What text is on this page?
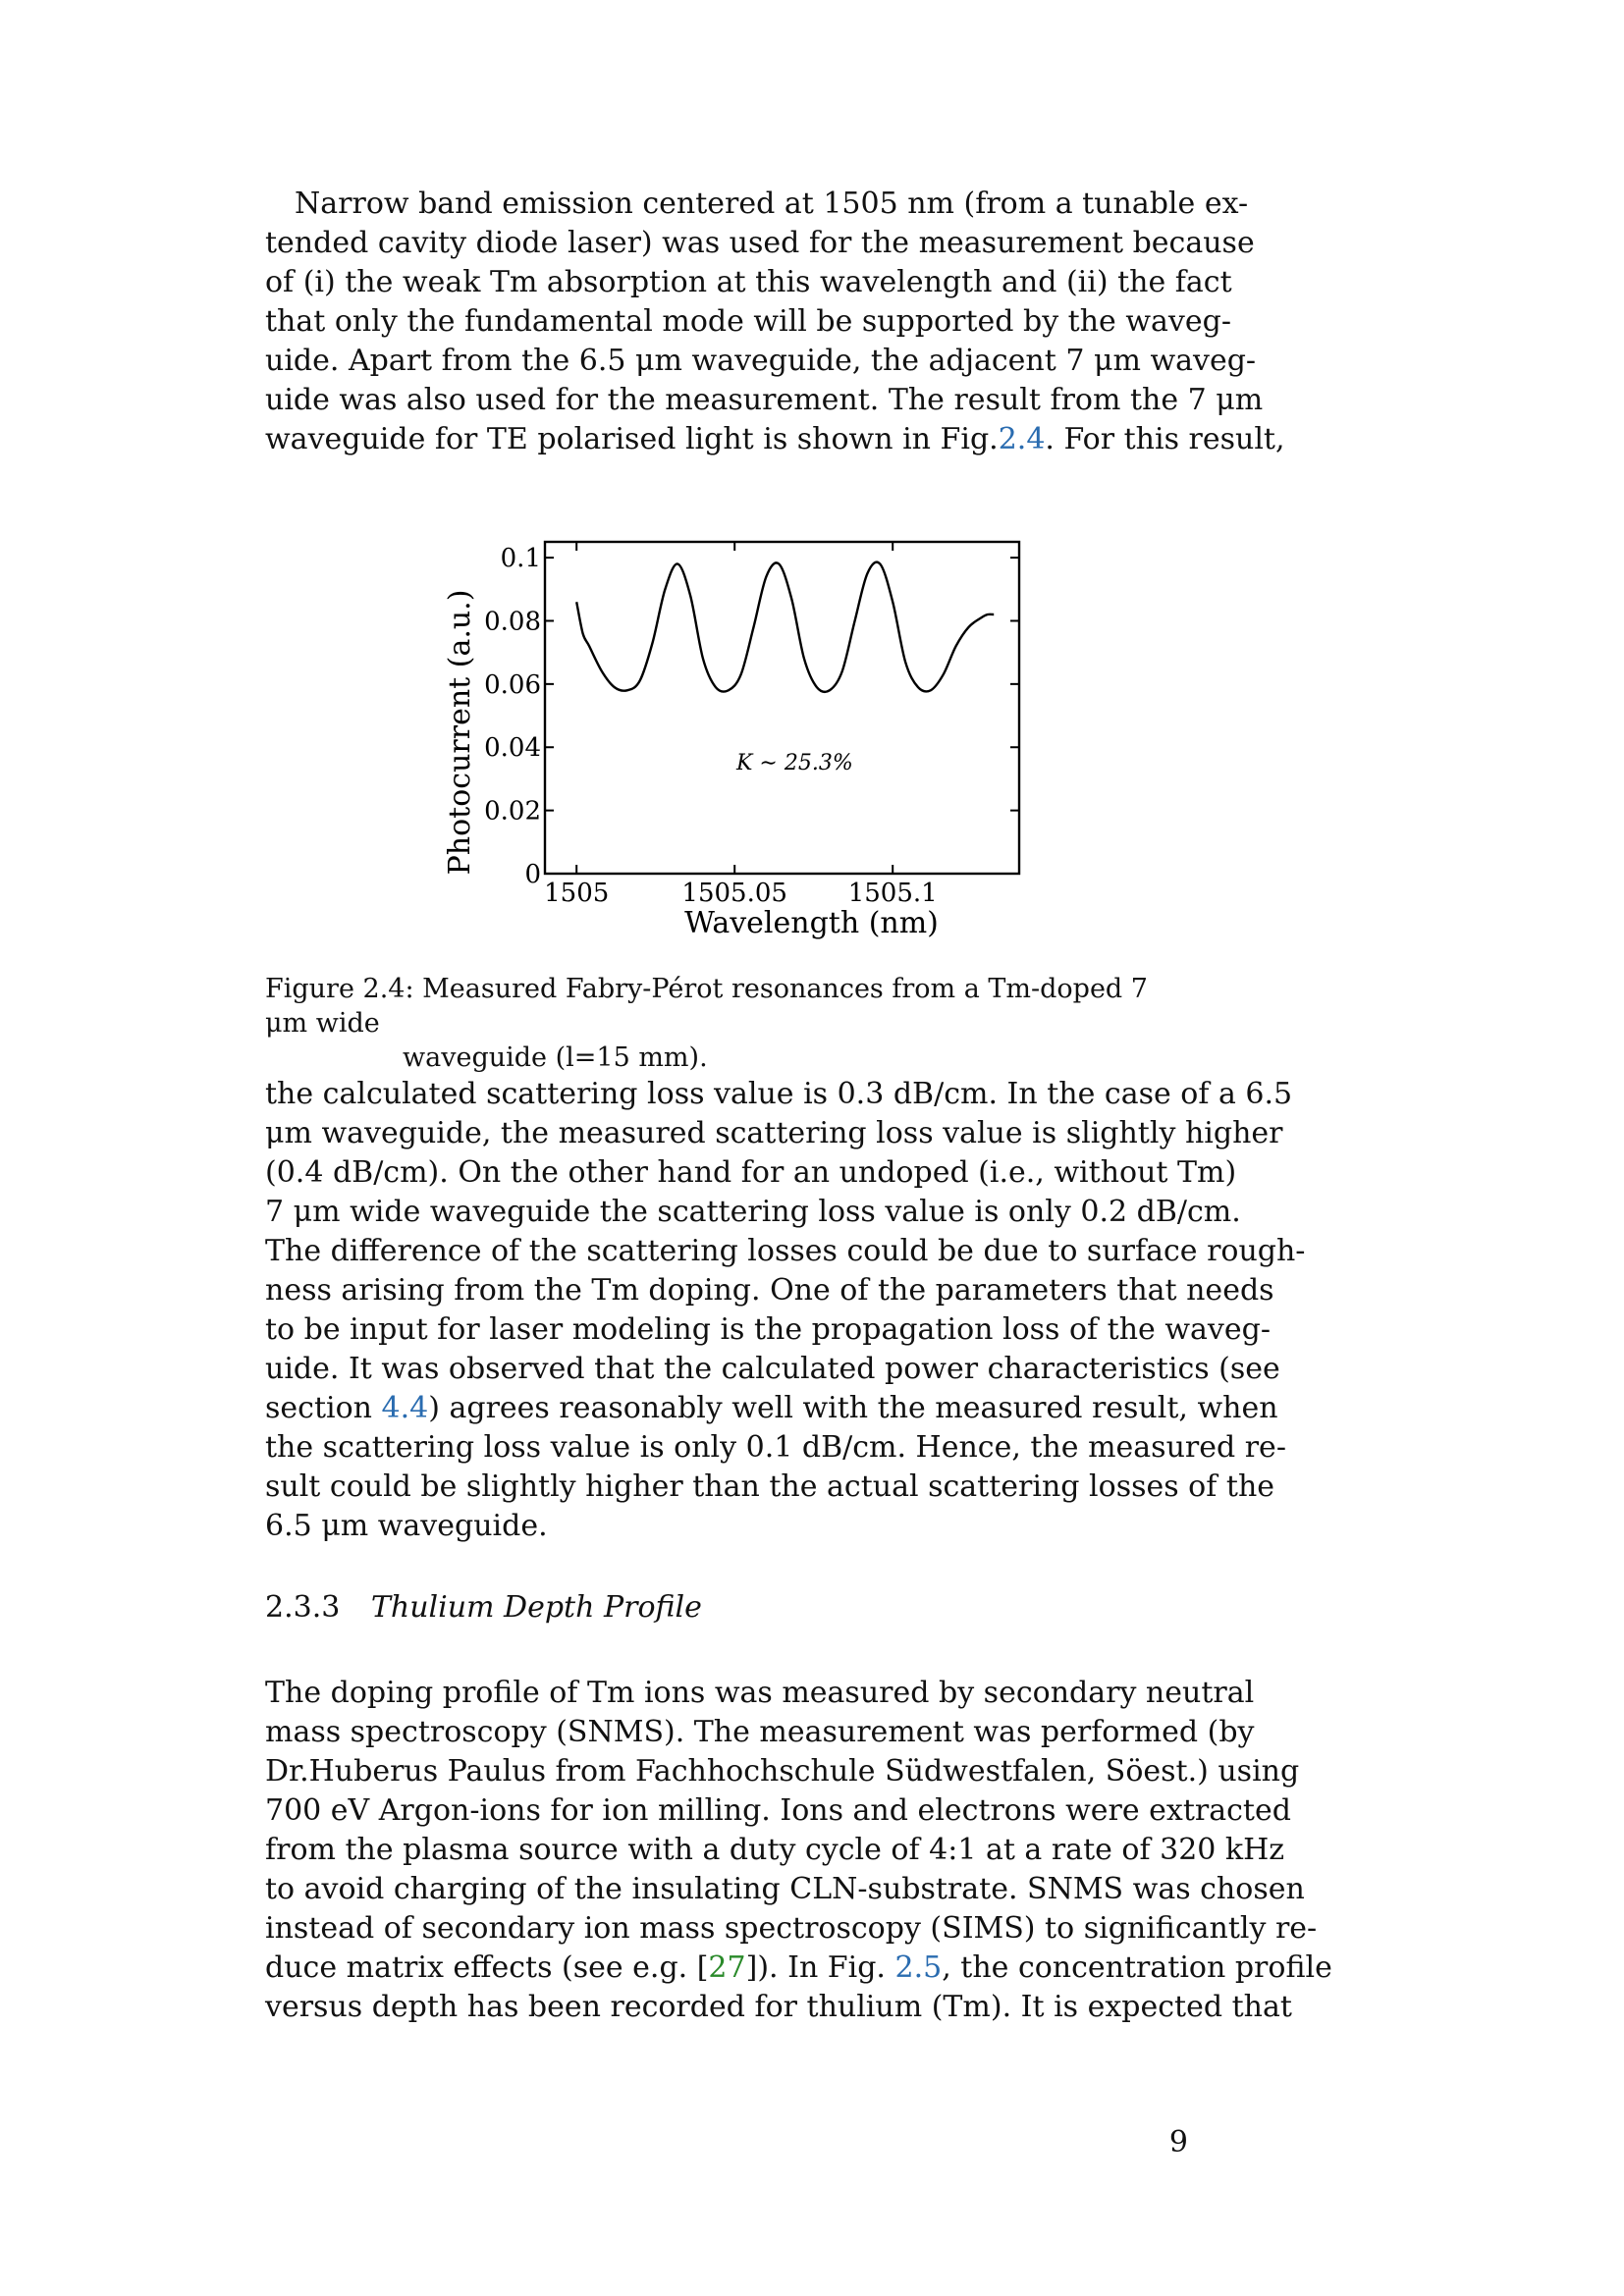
Narrow band emission centered at 1505 nm (from a tunable ex-
tended cavity diode laser) was used for the measurement because
of (i) the weak Tm absorption at this wavelength and (ii) the fact
that only the fundamental mode will be supported by the waveg-
uide. Apart from the 6.5 μm waveguide, the adjacent 7 μm waveg-
uide was also used for the measurement. The result from the 7 μm
waveguide for TE polarised light is shown in Fig.2.4. For this result,
1505	1505.05 1505.1
0
0.02
0.04
0.06
0.08
0.1
K ∼ 25.3%
Wavelength (nm)
Photocurrent (a.u.)
Figure 2.4: Measured Fabry-Pérot resonances from a Tm-doped 7 μm wide
waveguide (l=15 mm).
the calculated scattering loss value is 0.3 dB/cm. In the case of a 6.5
μm waveguide, the measured scattering loss value is slightly higher
(0.4 dB/cm). On the other hand for an undoped (i.e., without Tm)
7 μm wide waveguide the scattering loss value is only 0.2 dB/cm.
The difference of the scattering losses could be due to surface rough-
ness arising from the Tm doping. One of the parameters that needs
to be input for laser modeling is the propagation loss of the waveg-
uide. It was observed that the calculated power characteristics (see
section 4.4) agrees reasonably well with the measured result, when
the scattering loss value is only 0.1 dB/cm. Hence, the measured re-
sult could be slightly higher than the actual scattering losses of the
6.5 μm waveguide.
2.3.3 Thulium Depth Profile
The doping profile of Tm ions was measured by secondary neutral
mass spectroscopy (SNMS). The measurement was performed (by
Dr.Huberus Paulus from Fachhochschule Südwestfalen, Söest.) using
700 eV Argon-ions for ion milling. Ions and electrons were extracted
from the plasma source with a duty cycle of 4:1 at a rate of 320 kHz
to avoid charging of the insulating CLN-substrate. SNMS was chosen
instead of secondary ion mass spectroscopy (SIMS) to significantly re-
duce matrix effects (see e.g. [27]). In Fig. 2.5, the concentration profile
versus depth has been recorded for thulium (Tm). It is expected that
9
